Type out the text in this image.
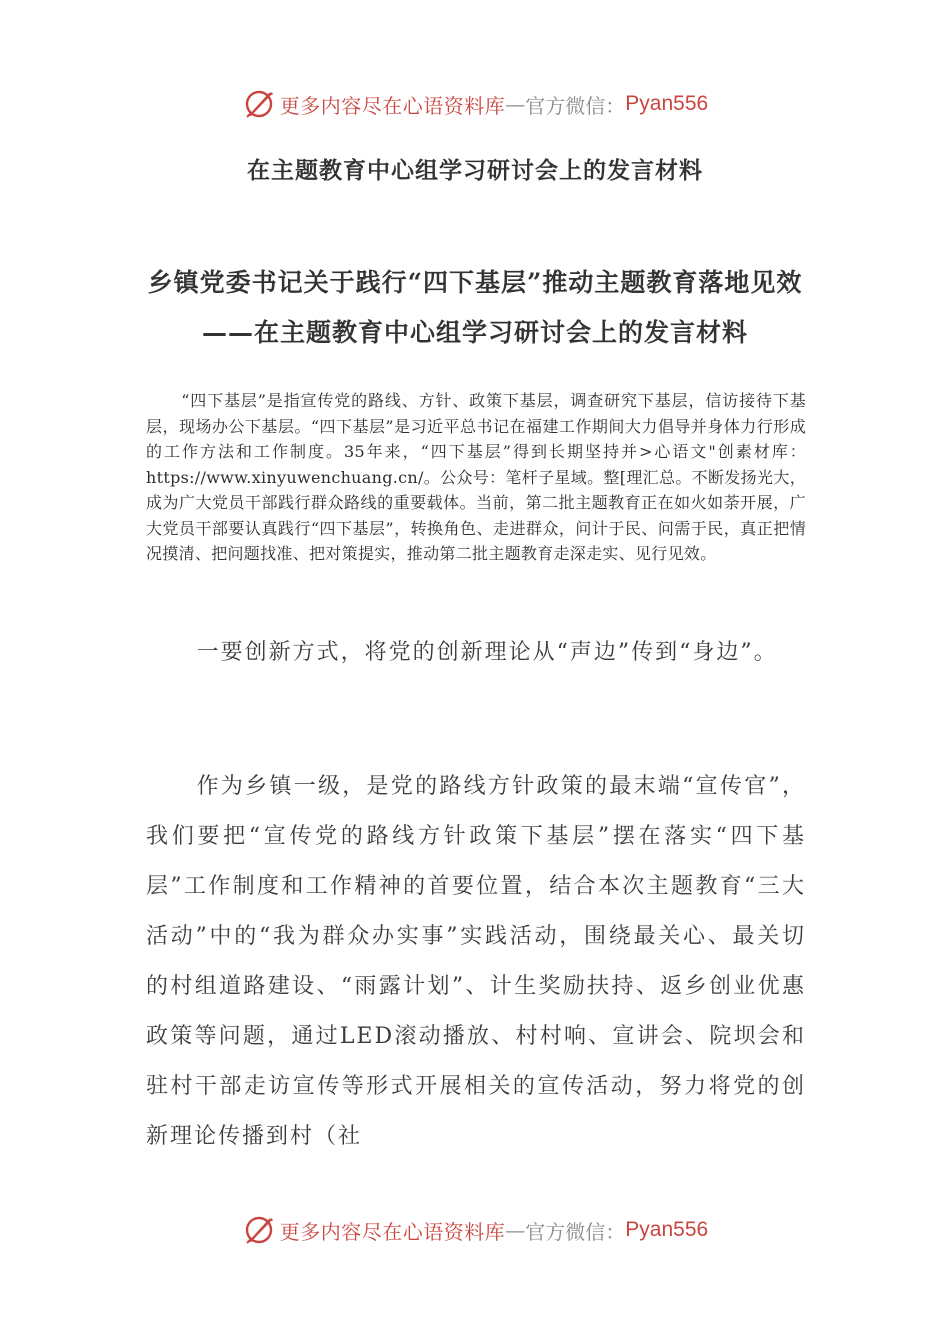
更多内容尽在心语资料库 — 官方微信： Pyan556
在主题教育中心组学习研讨会上的发言材料
乡镇党委书记关于践行“四下基层”推动主题教育落地见效——在主题教育中心组学习研讨会上的发言材料
“四下基层”是指宣传党的路线、方针、政策下基层，调查研究下基层，信访接待下基层，现场办公下基层。“四下基层”是习近平总书记在福建工作期间大力倡导并身体力行形成的工作方法和工作制度。35年来，“四下基层”得到长期坚持并>心语文"创素材库：https://www.xinyuwenchuang.cn/。公众号：笔杆子星域。整[理汇总。不断发扬光大，成为广大党员干部践行群众路线的重要载体。当前，第二批主题教育正在如火如荼开展，广大党员干部要认真践行“四下基层”，转换角色、走进群众，问计于民、问需于民，真正把情况摸清、把问题找准、把对策提实，推动第二批主题教育走深走实、见行见效。
一要创新方式，将党的创新理论从“声边”传到“身边”。
作为乡镇一级，是党的路线方针政策的最末端“宣传官”，我们要把“宣传党的路线方针政策下基层”摆在落实“四下基层”工作制度和工作精神的首要位置，结合本次主题教育“三大活动”中的“我为群众办实事”实践活动，围绕最关心、最关切的村组道路建设、“雨露计划”、计生奖励扶持、返乡创业优惠政策等问题，通过LED滚动播放、村村响、宣讲会、院坝会和驻村干部走访宣传等形式开展相关的宣传活动，努力将党的创新理论传播到村（社
更多内容尽在心语资料库 — 官方微信： Pyan556
